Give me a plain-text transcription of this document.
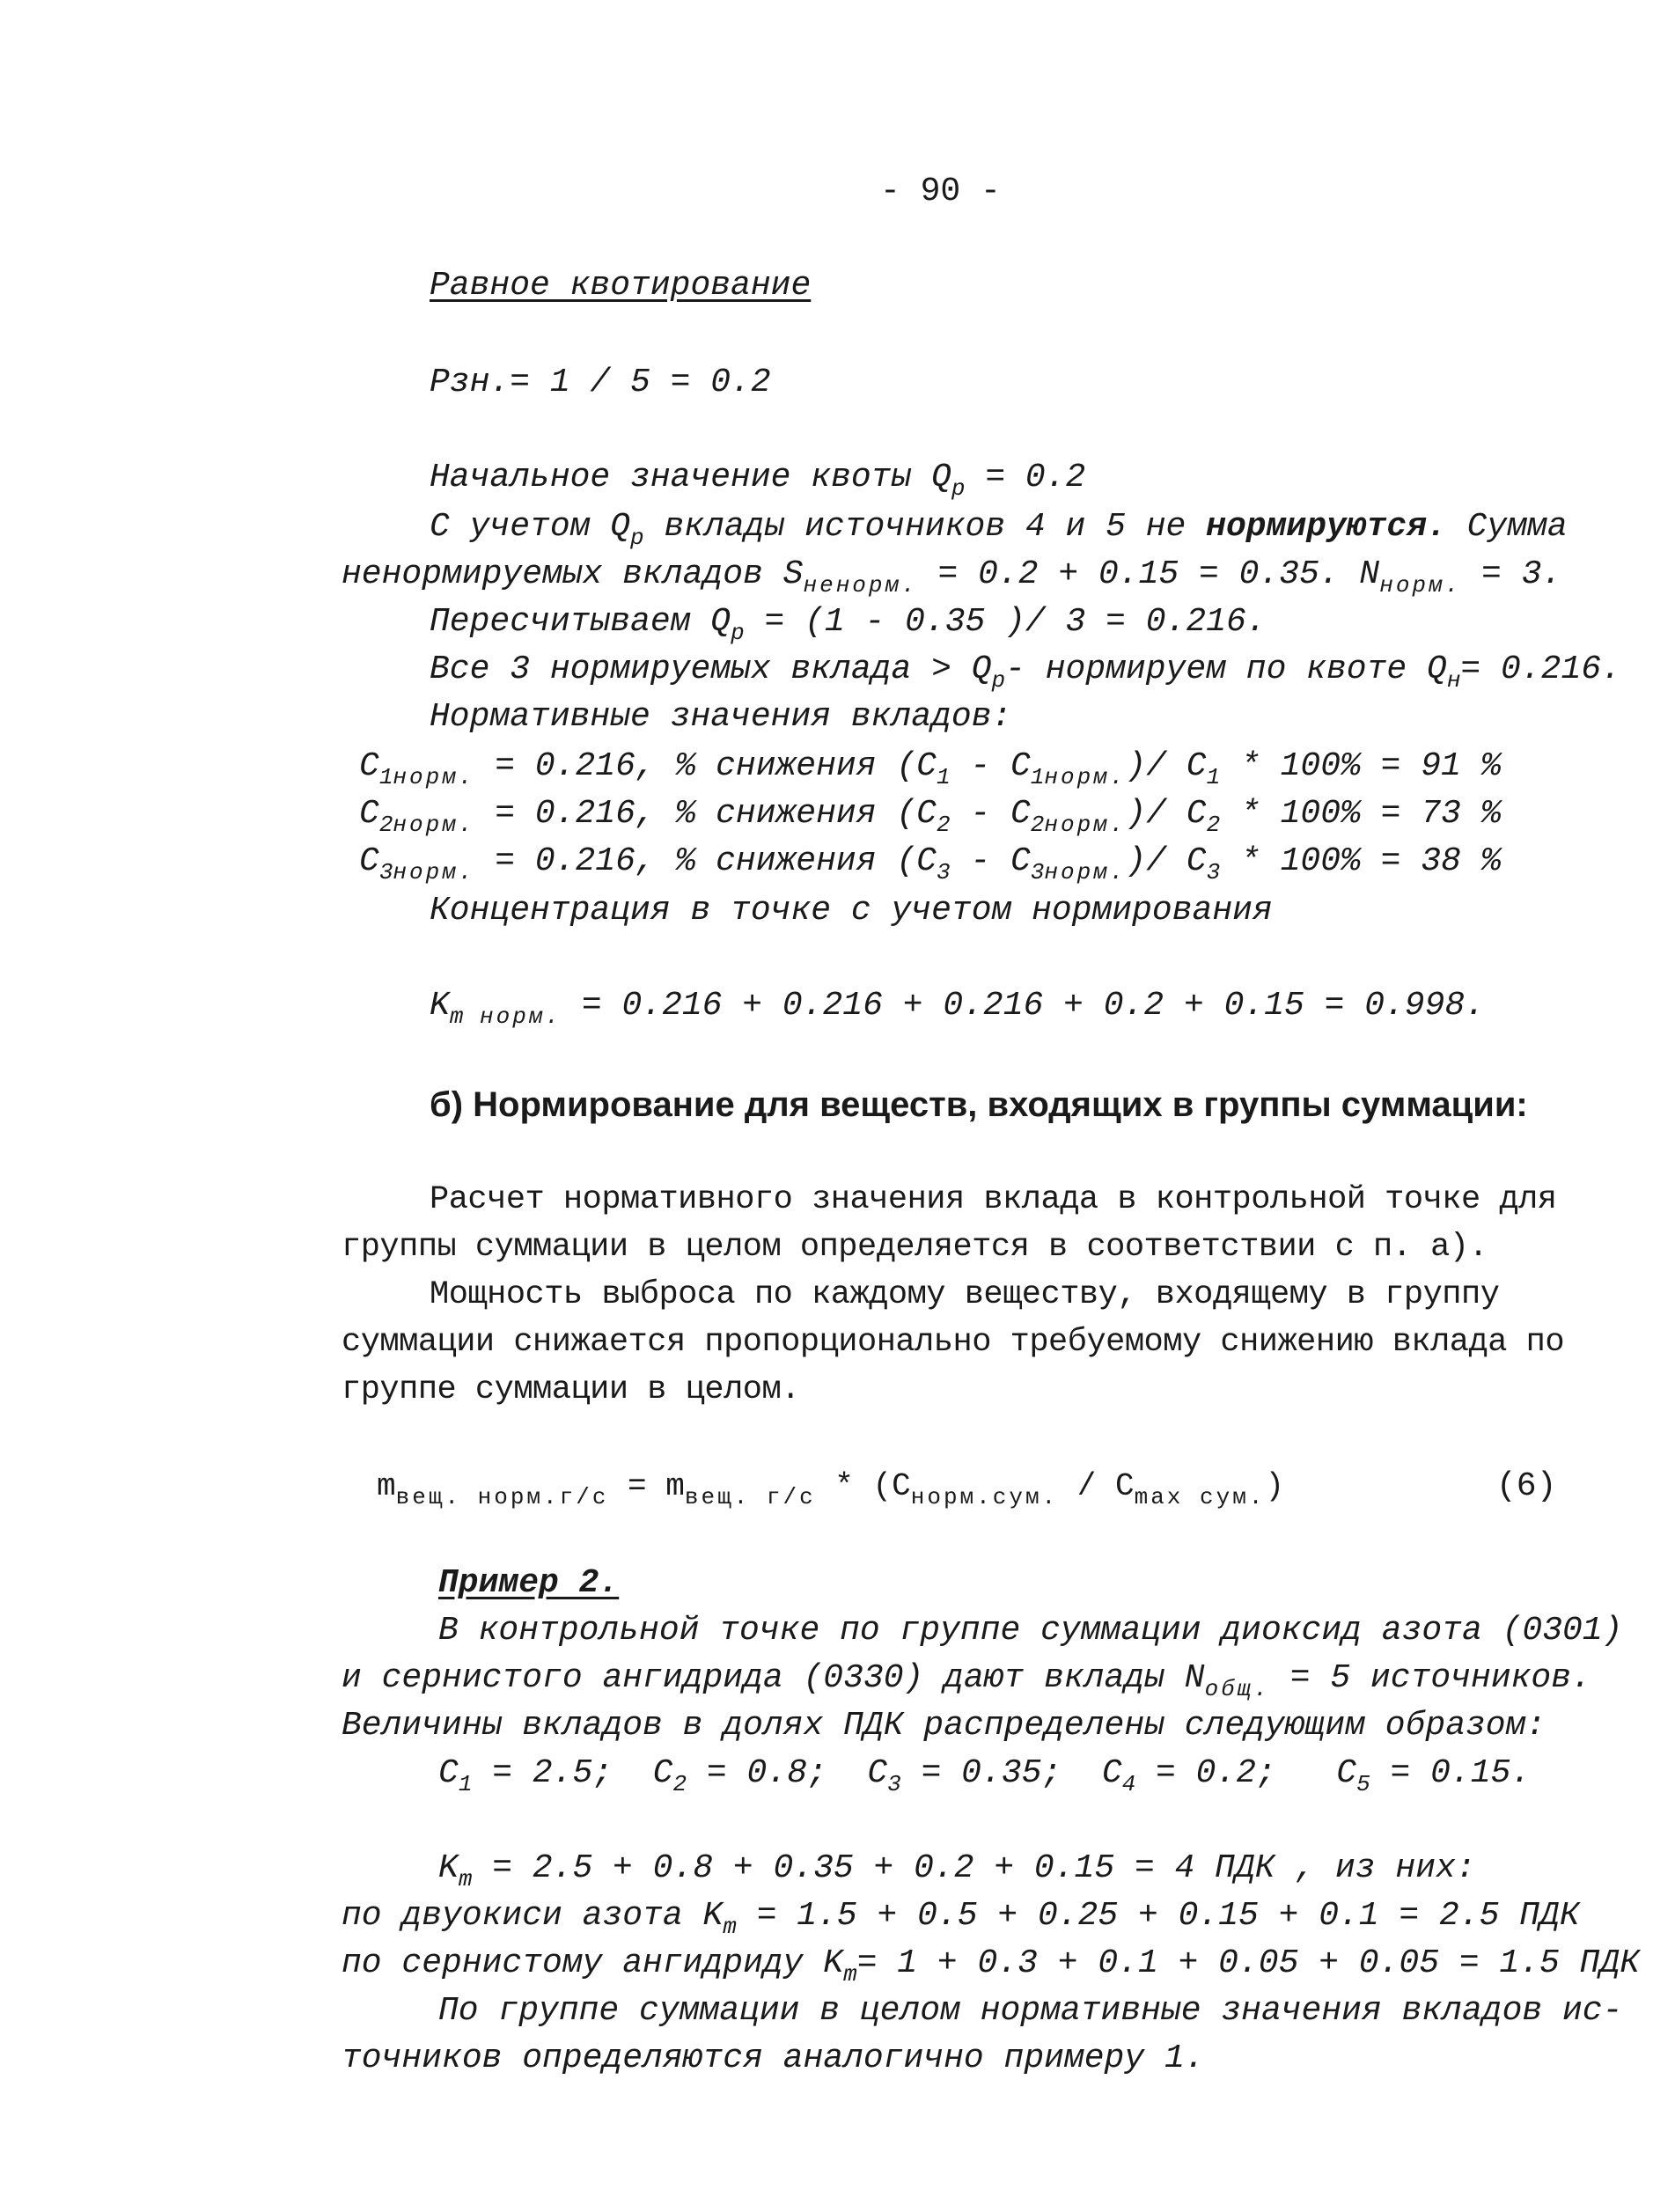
- 90 -
Равное квотирование
Рзн.= 1 / 5 = 0.2
Начальное значение квоты $Q_р = 0.2$
С учетом $Q_р$ вклады источников 4 и 5 не нормируются. Сумма
ненормируемых вкладов $S_{ненорм.} = 0.2 + 0.15 = 0.35$. $N_{норм.} = 3$.
Пересчитываем $Q_р = (1 - 0.35$ )/ 3 = 0.216.
Все 3 нормируемых вклада > $Q_р-$ нормируем по квоте $Q_н= 0.216$.
Нормативные значения вкладов:
$C_{1норм.} = 0.216$, % снижения $(C_1 - C_{1норм.})/$ $C_1 * 100\% = 91$ %
$C_{2норм.} = 0.216$, % снижения $(C_2 - C_{2норм.})/$ $C_2 * 100\% = 73$ %
$C_{3норм.} = 0.216$, % снижения $(C_3 - C_{3норм.})/$ $C_3 * 100\% = 38$ %
Концентрация в точке с учетом нормирования
$K_m$ $_{норм.}$ = 0.216 + 0.216 + 0.216 + 0.2 + 0.15 = 0.998.
б) Нормирование для веществ, входящих в группы суммации:
Расчет нормативного значения вклада в контрольной точке для
группы суммации в целом определяется в соответствии с п. а).
Мощность выброса по каждому веществу, входящему в группу
суммации снижается пропорционально требуемому снижению вклада по
группе суммации в целом.
$m_{вещ. норм.г/с} = m_{вещ. г/с} * (C_{норм.сум.} / C_{max сум.})$	(6)
Пример 2.
В контрольной точке по группе суммации диоксид азота (0301)
и сернистого ангидрида (0330) дают вклады $N_{общ.} = 5$ источников.
Величины вкладов в долях ПДК распределены следующим образом:
$C_1 = 2.5$; $C_2 = 0.8$; $C_3 = 0.35$; $C_4 = 0.2$; $C_5 = 0.15$.
$K_m = 2.5 + 0.8 + 0.35 + 0.2 + 0.15 = 4$ ПДК , из них:
по двуокиси азота $K_m = 1.5 + 0.5 + 0.25 + 0.15 + 0.1 = 2.5$ ПДК
по сернистому ангидриду $K_m= 1 + 0.3 + 0.1 + 0.05 + 0.05 = 1.5$ ПДК
По группе суммации в целом нормативные значения вкладов ис-
точников определяются аналогично примеру 1.
